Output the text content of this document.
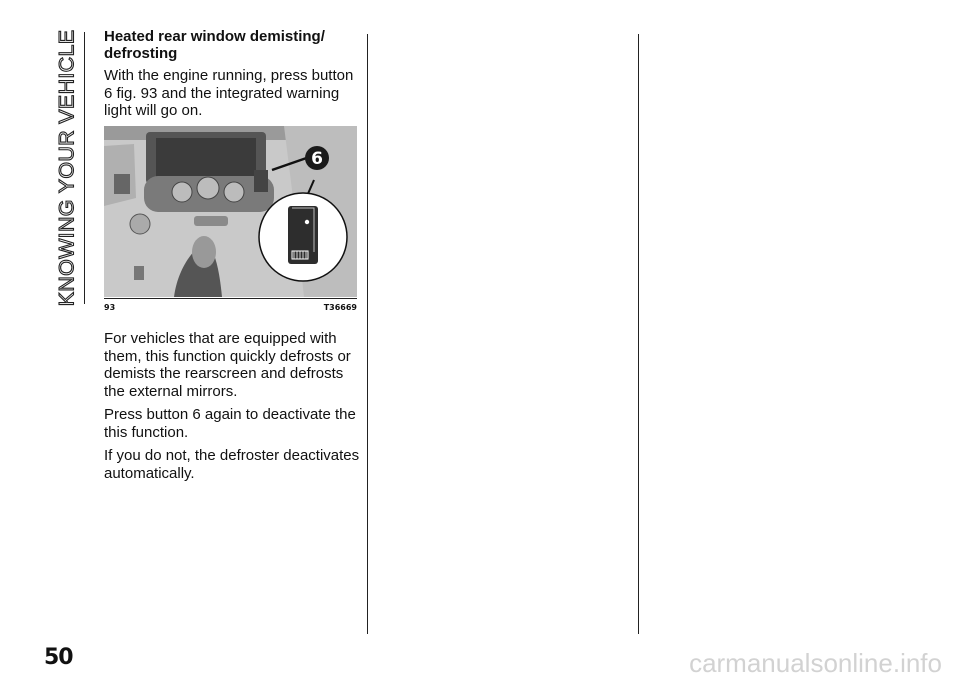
KNOWING YOUR VEHICLE Heated rear window demisting/ defrosting

With the engine running, press button 6 fig. 93 and the integrated warning light will go on.

6
93	T36669

For vehicles that are equipped with them, this function quickly defrosts or demists the rearscreen and defrosts the external mirrors.

Press button 6 again to deactivate the this function.

If you do not, the defroster deactivates automatically.

50	carmanualsonline.info
